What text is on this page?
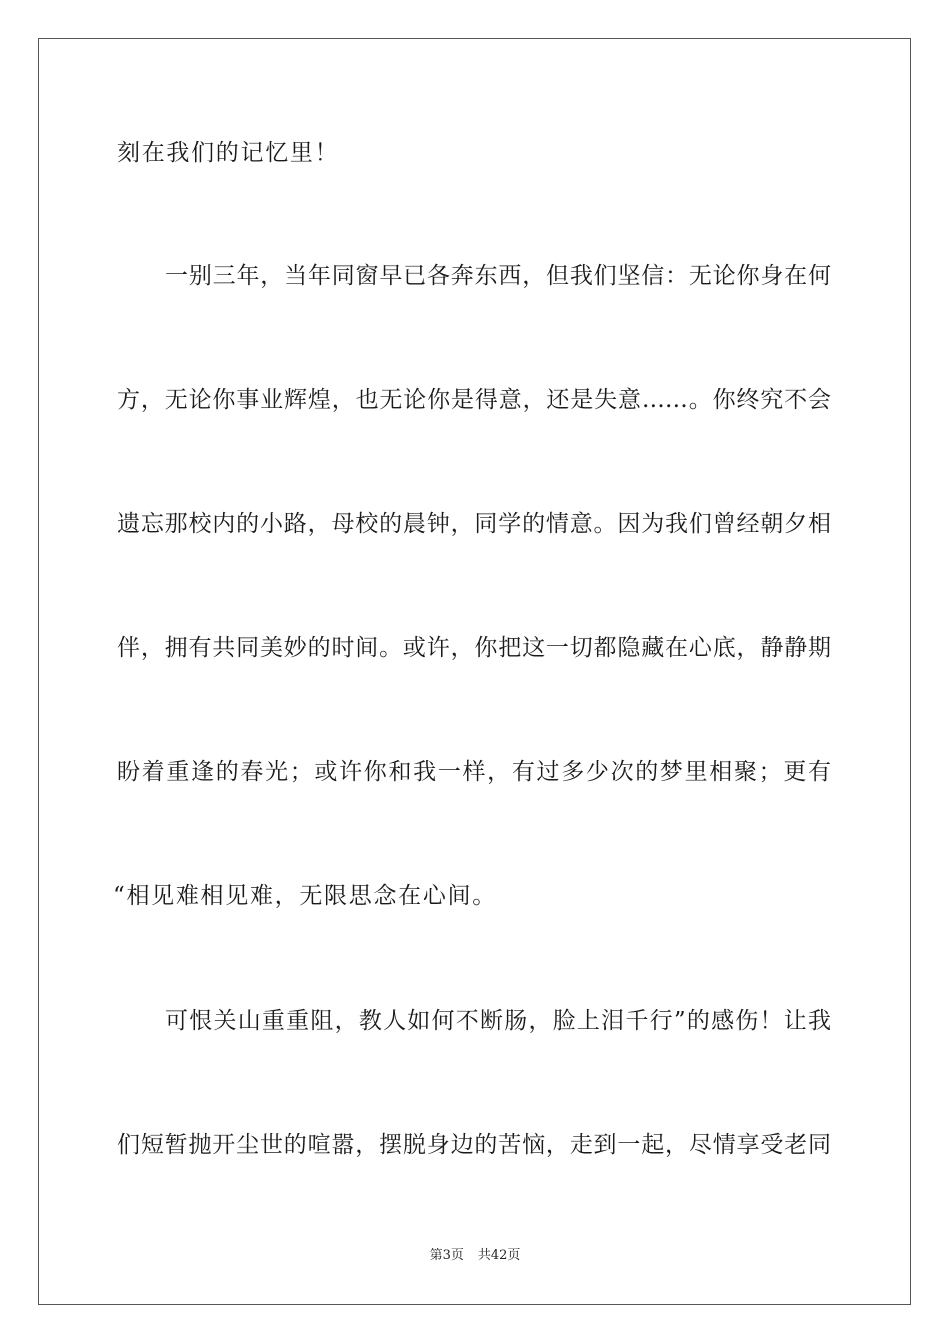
刻在我们的记忆里！
一别三年，当年同窗早已各奔东西，但我们坚信：无论你身在何
方，无论你事业辉煌，也无论你是得意，还是失意……。你终究不会
遗忘那校内的小路，母校的晨钟，同学的情意。因为我们曾经朝夕相
伴，拥有共同美妙的时间。或许，你把这一切都隐藏在心底，静静期
盼着重逢的春光；或许你和我一样，有过多少次的梦里相聚；更有
“相见难相见难，无限思念在心间。
可恨关山重重阻，教人如何不断肠，脸上泪千行”的感伤！让我
们短暂抛开尘世的喧嚣，摆脱身边的苦恼，走到一起，尽情享受老同
第3页 共42页
